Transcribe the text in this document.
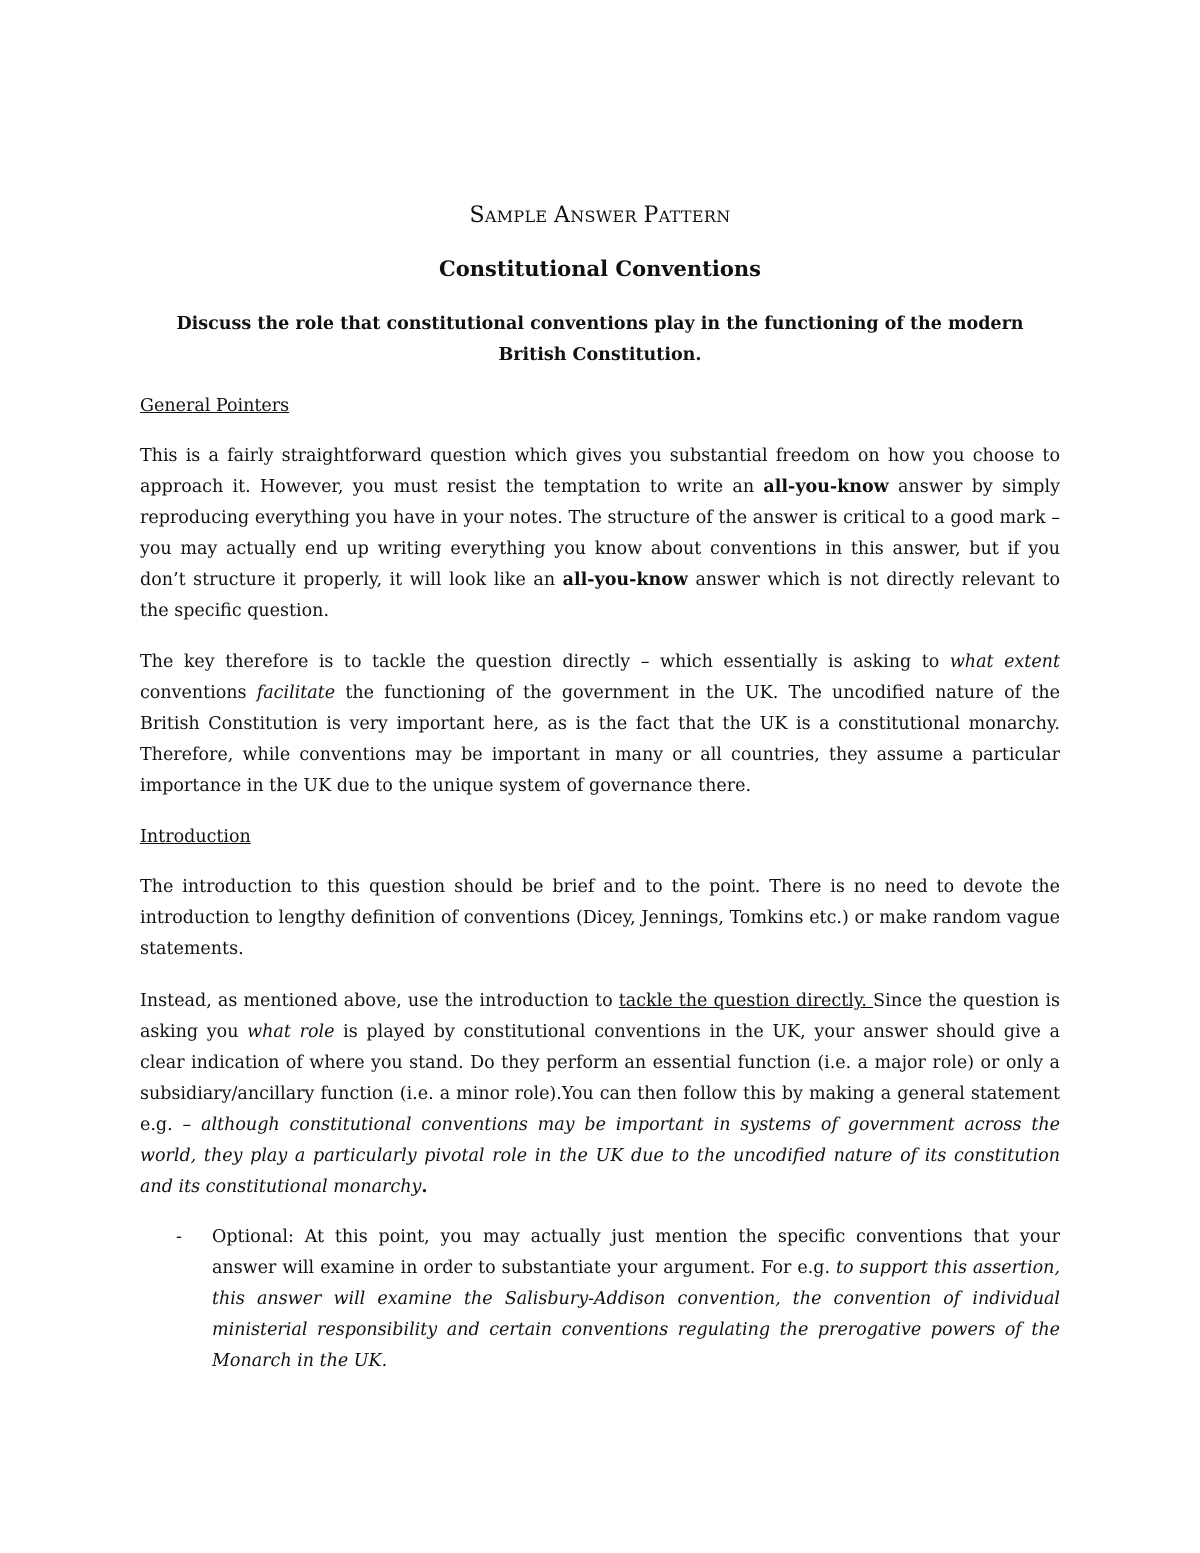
SAMPLE ANSWER PATTERN
Constitutional Conventions
Discuss the role that constitutional conventions play in the functioning of the modern
British Constitution.
General Pointers
This is a fairly straightforward question which gives you substantial freedom on how you choose to approach it. However, you must resist the temptation to write an all-you-know answer by simply reproducing everything you have in your notes. The structure of the answer is critical to a good mark – you may actually end up writing everything you know about conventions in this answer, but if you don’t structure it properly, it will look like an all-you-know answer which is not directly relevant to the specific question.
The key therefore is to tackle the question directly – which essentially is asking to what extent conventions facilitate the functioning of the government in the UK. The uncodified nature of the British Constitution is very important here, as is the fact that the UK is a constitutional monarchy. Therefore, while conventions may be important in many or all countries, they assume a particular importance in the UK due to the unique system of governance there.
Introduction
The introduction to this question should be brief and to the point. There is no need to devote the introduction to lengthy definition of conventions (Dicey, Jennings, Tomkins etc.) or make random vague statements.
Instead, as mentioned above, use the introduction to tackle the question directly. Since the question is asking you what role is played by constitutional conventions in the UK, your answer should give a clear indication of where you stand. Do they perform an essential function (i.e. a major role) or only a subsidiary/ancillary function (i.e. a minor role).You can then follow this by making a general statement e.g. – although constitutional conventions may be important in systems of government across the world, they play a particularly pivotal role in the UK due to the uncodified nature of its constitution and its constitutional monarchy.
- Optional: At this point, you may actually just mention the specific conventions that your answer will examine in order to substantiate your argument. For e.g. to support this assertion, this answer will examine the Salisbury-Addison convention, the convention of individual ministerial responsibility and certain conventions regulating the prerogative powers of the Monarch in the UK.
